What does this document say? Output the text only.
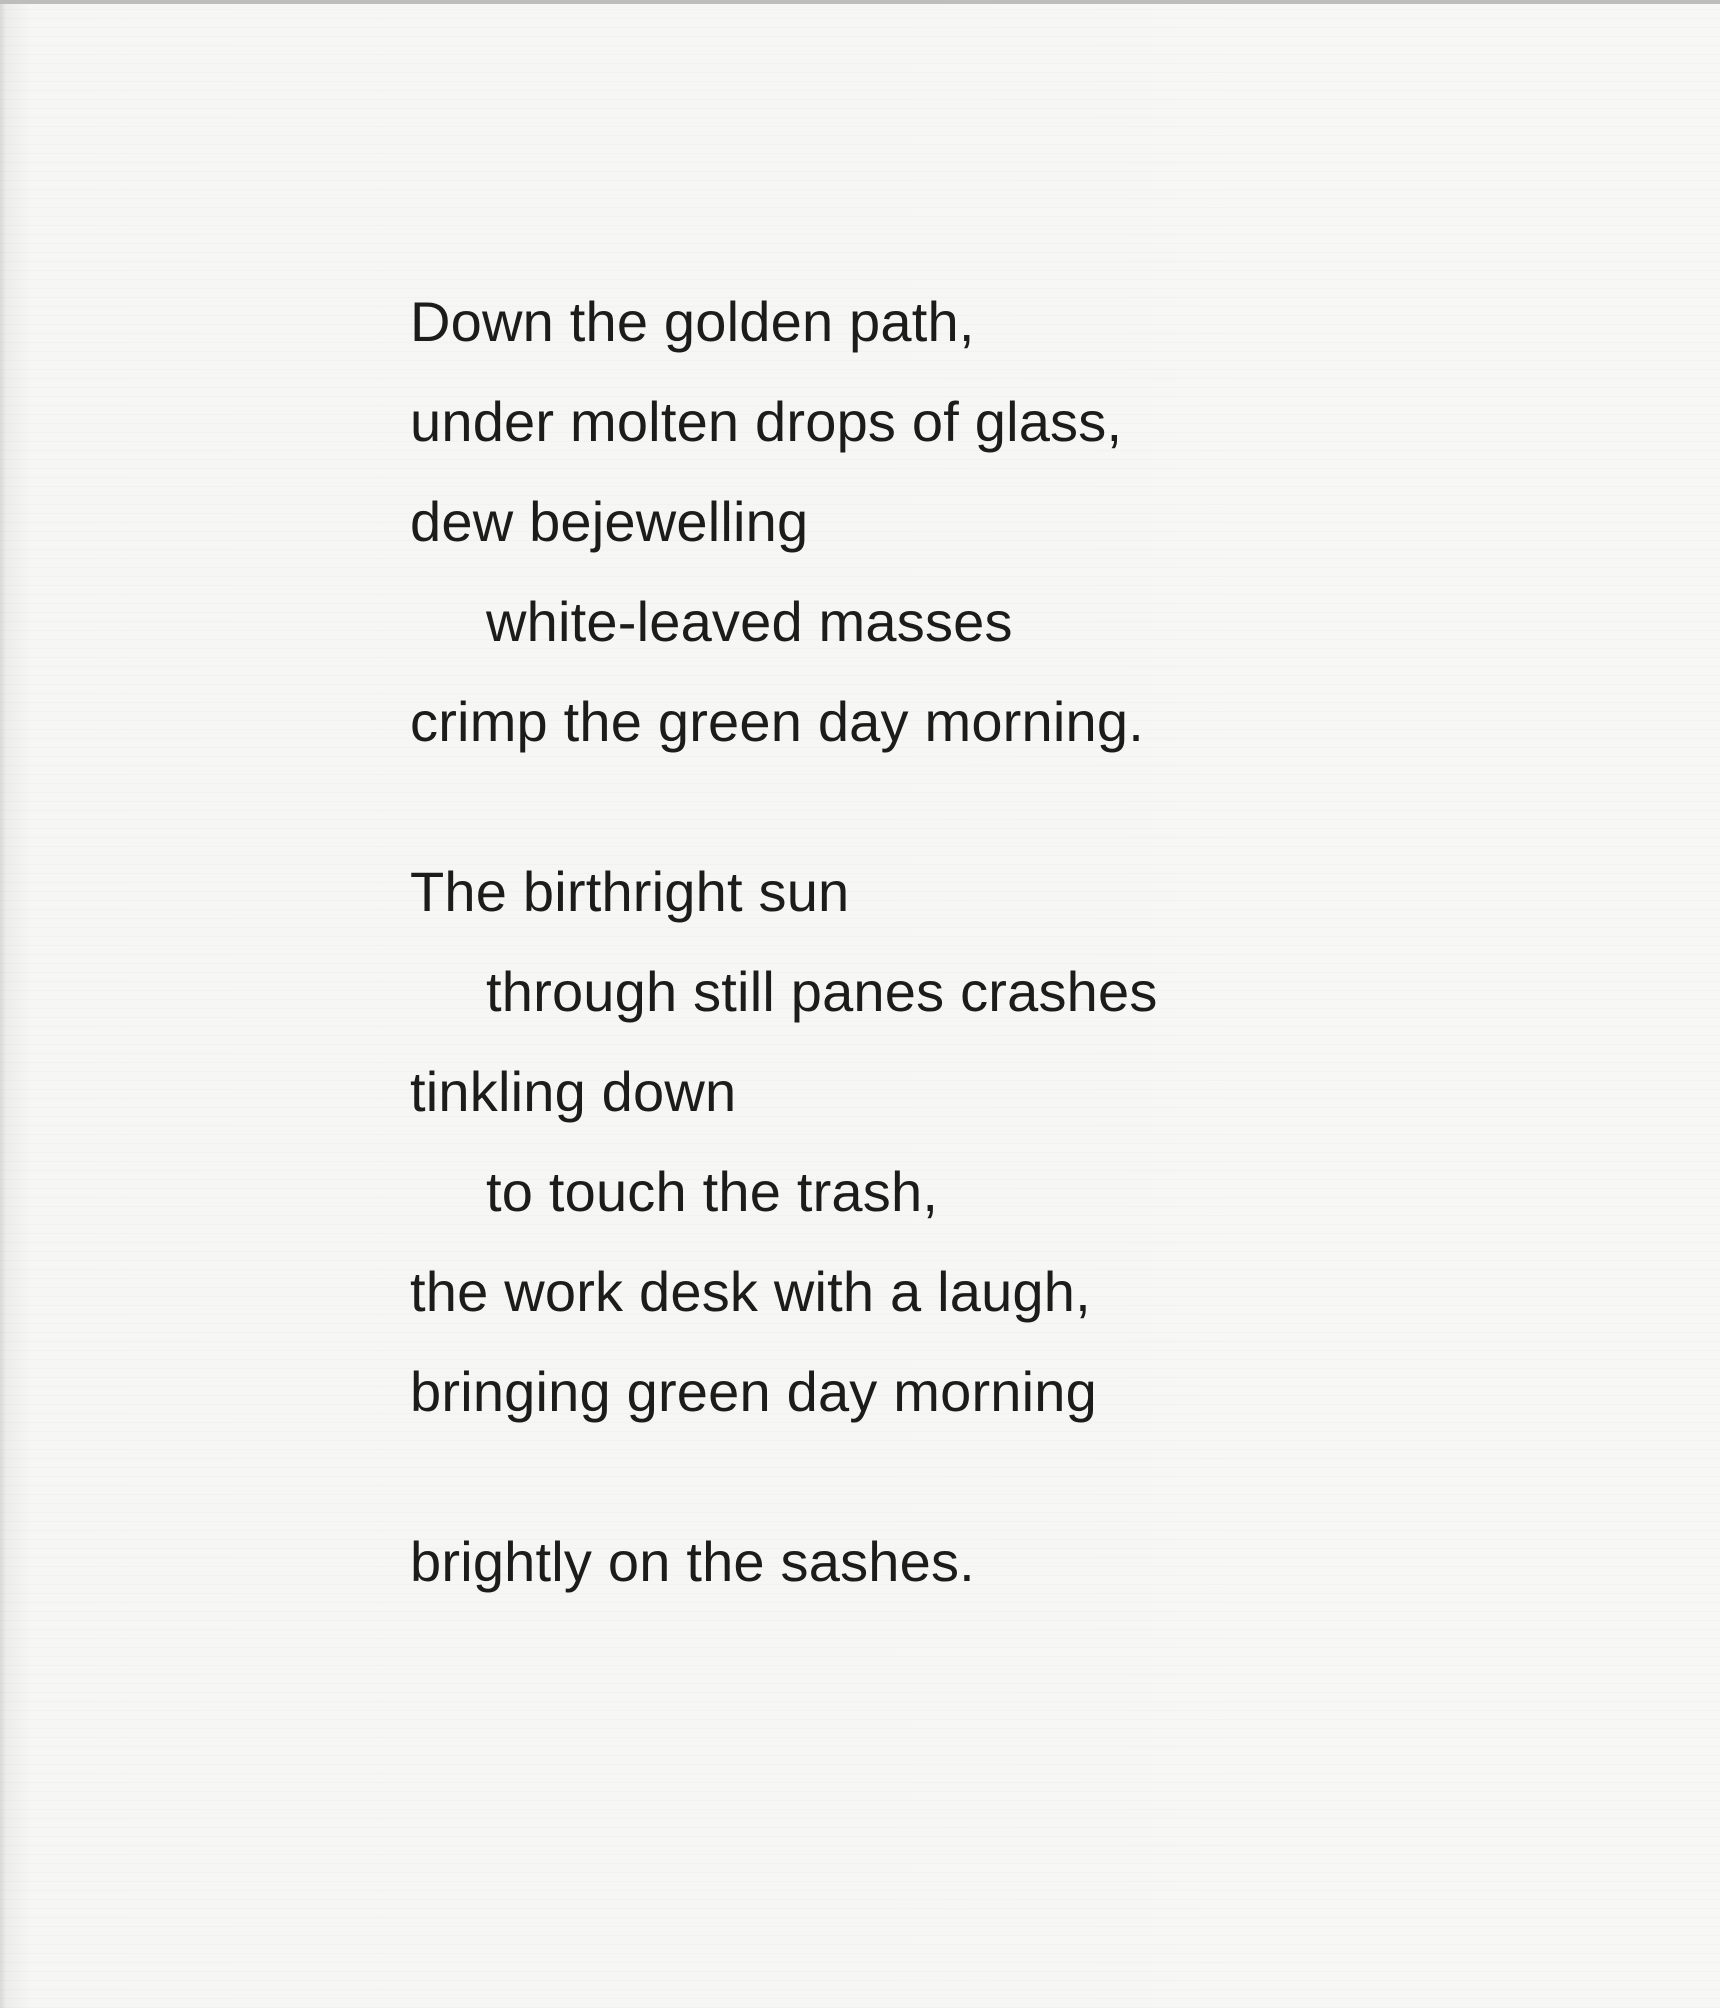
Down the golden path,
under molten drops of glass,
dew bejewelling
white-leaved masses
crimp the green day morning.
The birthright sun
through still panes crashes
tinkling down
to touch the trash,
the work desk with a laugh,
bringing green day morning
brightly on the sashes.
